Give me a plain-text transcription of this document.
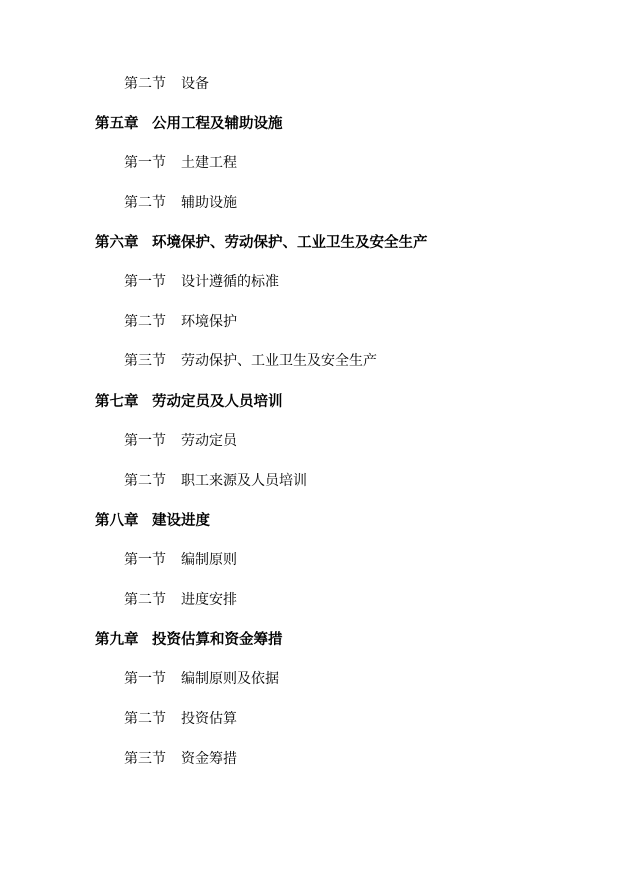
第二节 设备
第五章 公用工程及辅助设施
第一节 土建工程
第二节 辅助设施
第六章 环境保护、劳动保护、工业卫生及安全生产
第一节 设计遵循的标准
第二节 环境保护
第三节 劳动保护、工业卫生及安全生产
第七章 劳动定员及人员培训
第一节 劳动定员
第二节 职工来源及人员培训
第八章 建设进度
第一节 编制原则
第二节 进度安排
第九章 投资估算和资金筹措
第一节 编制原则及依据
第二节 投资估算
第三节 资金筹措
